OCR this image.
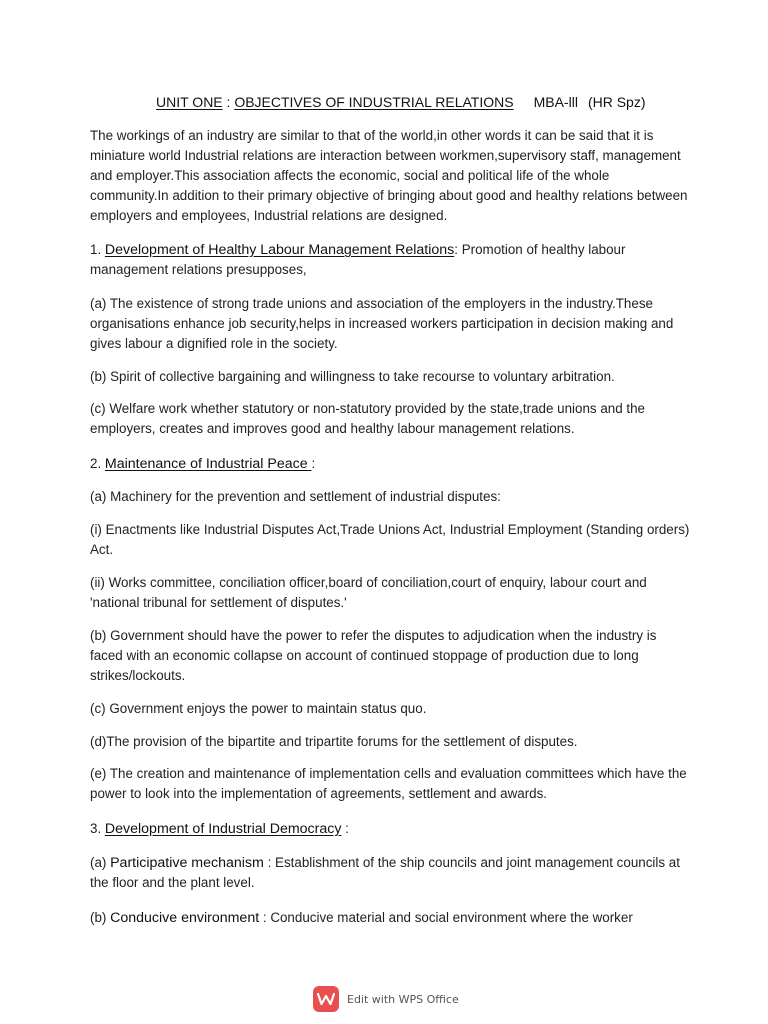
UNIT ONE : OBJECTIVES OF INDUSTRIAL RELATIONS MBA-lll (HR Spz)

The workings of an industry are similar to that of the world,in other words it can be said that it is miniature world Industrial relations are interaction between workmen,supervisory staff, management and employer.This association affects the economic, social and political life of the whole community.In addition to their primary objective of bringing about good and healthy relations between employers and employees, Industrial relations are designed.

1. Development of Healthy Labour Management Relations: Promotion of healthy labour management relations presupposes,

(a) The existence of strong trade unions and association of the employers in the industry.These organisations enhance job security,helps in increased workers participation in decision making and gives labour a dignified role in the society.

(b) Spirit of collective bargaining and willingness to take recourse to voluntary arbitration.

(c) Welfare work whether statutory or non-statutory provided by the state,trade unions and the employers, creates and improves good and healthy labour management relations.

2. Maintenance of Industrial Peace :

(a) Machinery for the prevention and settlement of industrial disputes:

(i) Enactments like Industrial Disputes Act,Trade Unions Act, Industrial Employment (Standing orders) Act.

(ii) Works committee, conciliation officer,board of conciliation,court of enquiry, labour court and 'national tribunal for settlement of disputes.'

(b) Government should have the power to refer the disputes to adjudication when the industry is faced with an economic collapse on account of continued stoppage of production due to long strikes/lockouts.

(c) Government enjoys the power to maintain status quo.

(d)The provision of the bipartite and tripartite forums for the settlement of disputes.

(e) The creation and maintenance of implementation cells and evaluation committees which have the power to look into the implementation of agreements, settlement and awards.

3. Development of Industrial Democracy :

(a) Participative mechanism : Establishment of the ship councils and joint management councils at the floor and the plant level.

(b) Conducive environment : Conducive material and social environment where the worker

Edit with WPS Office
